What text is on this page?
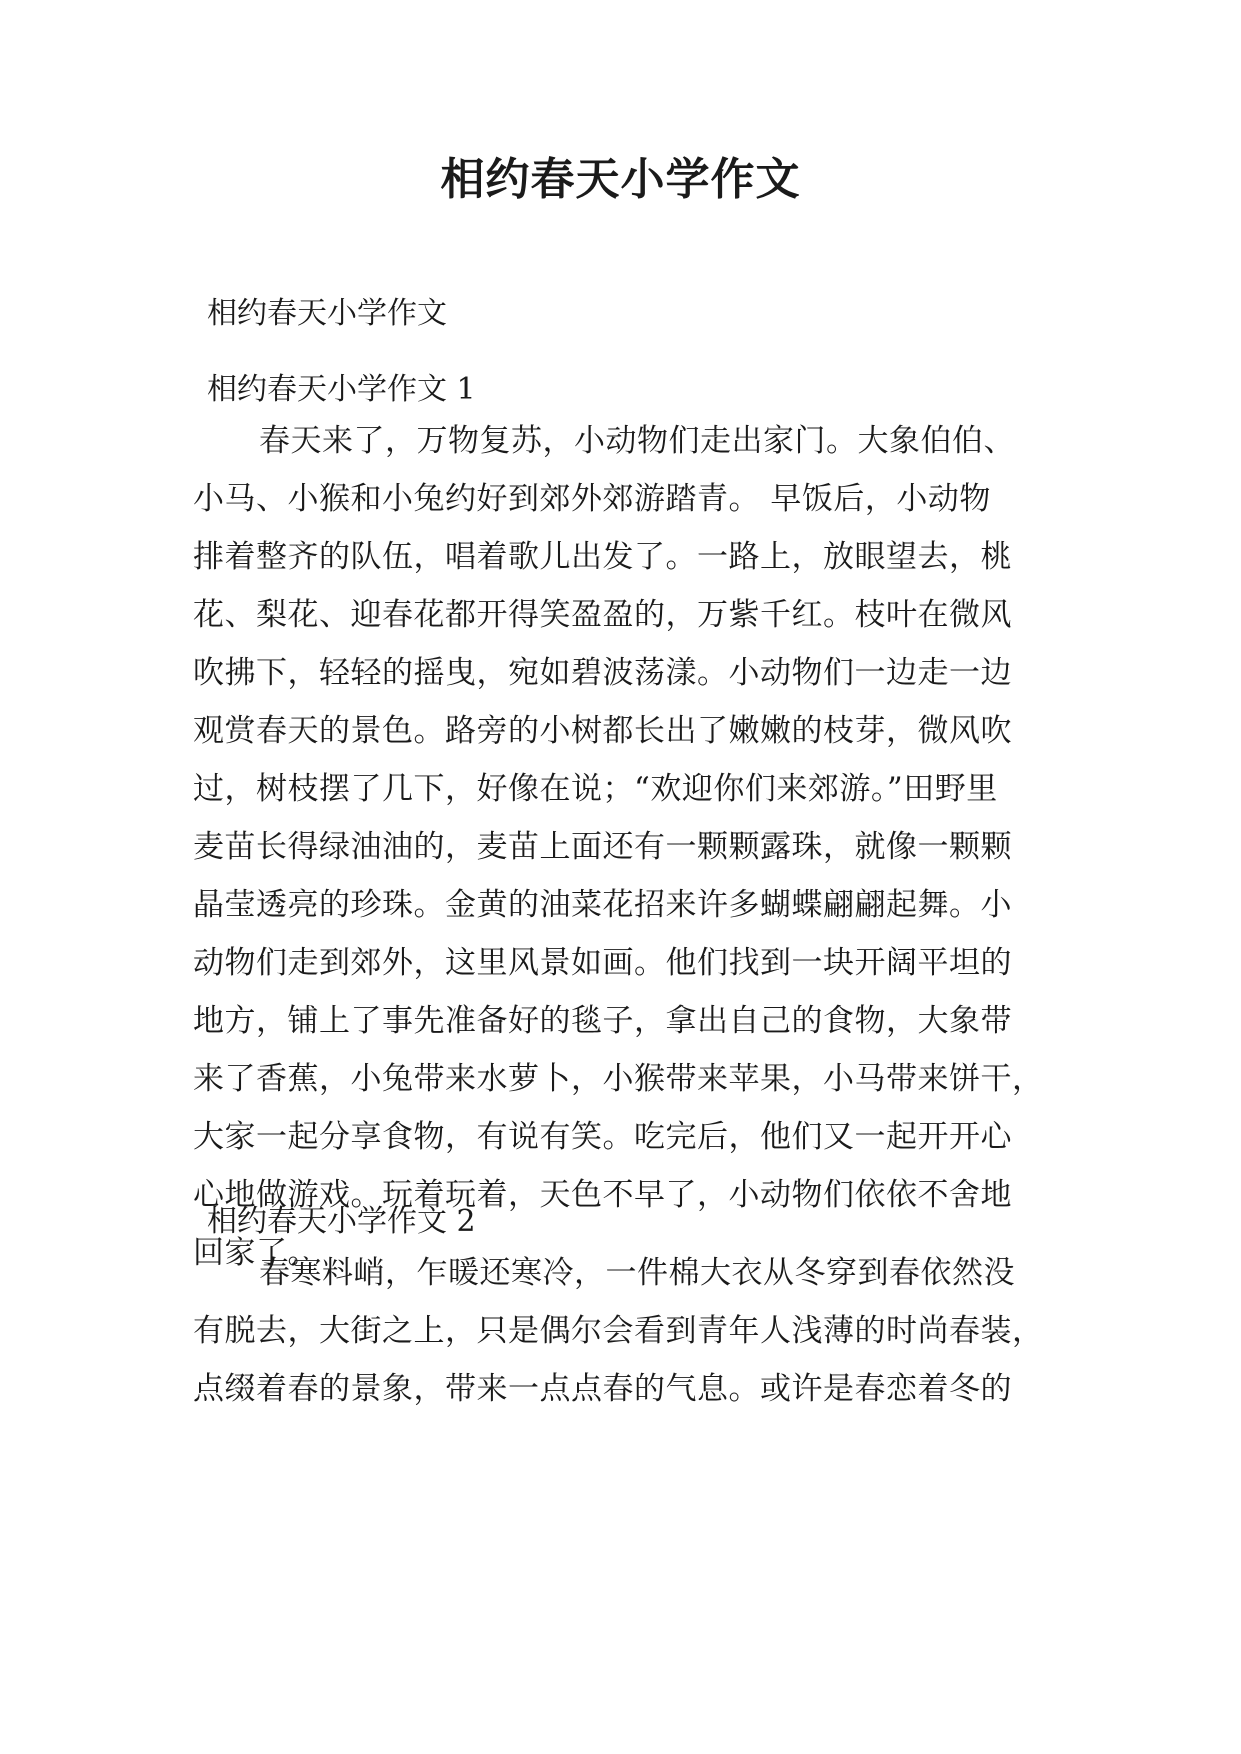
相约春天小学作文
相约春天小学作文
相约春天小学作文 1
春天来了，万物复苏，小动物们走出家门。大象伯伯、
小马、小猴和小兔约好到郊外郊游踏青。 早饭后，小动物
排着整齐的队伍，唱着歌儿出发了。一路上，放眼望去，桃
花、梨花、迎春花都开得笑盈盈的，万紫千红。枝叶在微风
吹拂下，轻轻的摇曳，宛如碧波荡漾。小动物们一边走一边
观赏春天的景色。路旁的小树都长出了嫩嫩的枝芽，微风吹
过，树枝摆了几下，好像在说；“欢迎你们来郊游。”田野里
麦苗长得绿油油的，麦苗上面还有一颗颗露珠，就像一颗颗
晶莹透亮的珍珠。金黄的油菜花招来许多蝴蝶翩翩起舞。小
动物们走到郊外，这里风景如画。他们找到一块开阔平坦的
地方，铺上了事先准备好的毯子，拿出自己的食物，大象带
来了香蕉，小兔带来水萝卜，小猴带来苹果，小马带来饼干，
大家一起分享食物，有说有笑。吃完后，他们又一起开开心
心地做游戏。玩着玩着，天色不早了，小动物们依依不舍地
回家了。
相约春天小学作文 2
春寒料峭，乍暖还寒冷，一件棉大衣从冬穿到春依然没
有脱去，大街之上，只是偶尔会看到青年人浅薄的时尚春装，
点缀着春的景象，带来一点点春的气息。或许是春恋着冬的
